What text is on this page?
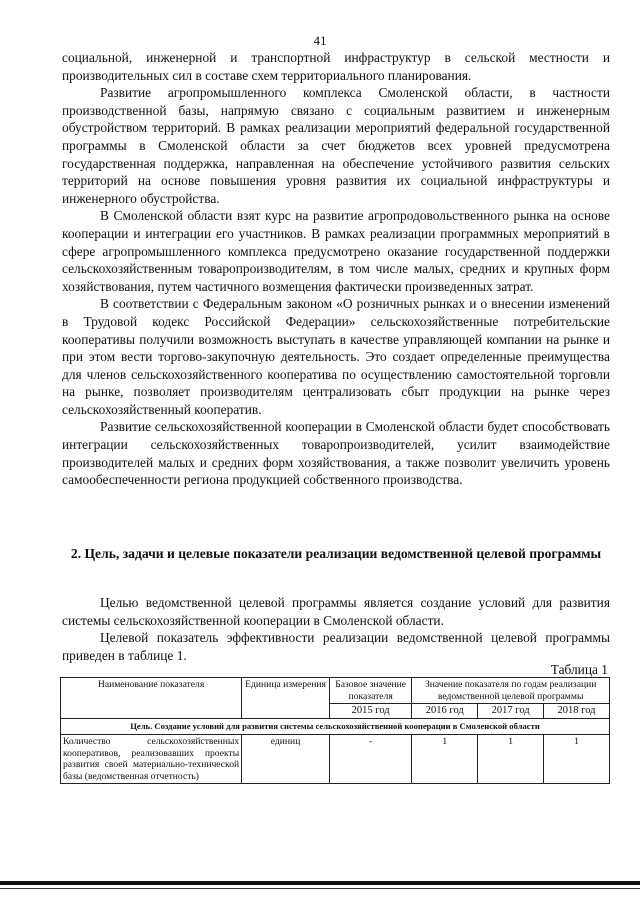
41

социальной, инженерной и транспортной инфраструктур в сельской местности и производительных сил в составе схем территориального планирования.

Развитие агропромышленного комплекса Смоленской области, в частности производственной базы, напрямую связано с социальным развитием и инженерным обустройством территорий. В рамках реализации мероприятий федеральной государственной программы в Смоленской области за счет бюджетов всех уровней предусмотрена государственная поддержка, направленная на обеспечение устойчивого развития сельских территорий на основе повышения уровня развития их социальной инфраструктуры и инженерного обустройства.

В Смоленской области взят курс на развитие агропродовольственного рынка на основе кооперации и интеграции его участников. В рамках реализации программных мероприятий в сфере агропромышленного комплекса предусмотрено оказание государственной поддержки сельскохозяйственным товаропроизводителям, в том числе малых, средних и крупных форм хозяйствования, путем частичного возмещения фактически произведенных затрат.

В соответствии с Федеральным законом «О розничных рынках и о внесении изменений в Трудовой кодекс Российской Федерации» сельскохозяйственные потребительские кооперативы получили возможность выступать в качестве управляющей компании на рынке и при этом вести торгово-закупочную деятельность. Это создает определенные преимущества для членов сельскохозяйственного кооператива по осуществлению самостоятельной торговли на рынке, позволяет производителям централизовать сбыт продукции на рынке через сельскохозяйственный кооператив.

Развитие сельскохозяйственной кооперации в Смоленской области будет способствовать интеграции сельскохозяйственных товаропроизводителей, усилит взаимодействие производителей малых и средних форм хозяйствования, а также позволит увеличить уровень самообеспеченности региона продукцией собственного производства.

2. Цель, задачи и целевые показатели реализации ведомственной целевой программы

Целью ведомственной целевой программы является создание условий для развития системы сельскохозяйственной кооперации в Смоленской области.

Целевой показатель эффективности реализации ведомственной целевой программы приведен в таблице 1.

Таблица 1
Наименование показателя	Единица измерения	Базовое значение показателя	Значение показателя по годам реализации ведомственной целевой программы		
		2015 год	2016 год	2017 год	2018 год
Цель. Создание условий для развития системы сельскохозяйственной кооперации в Смоленской области					
Количество сельскохозяйственных кооперативов, реализовавших проекты развития своей материально-технической базы (ведомственная отчетность)	единиц	-	1	1	1
